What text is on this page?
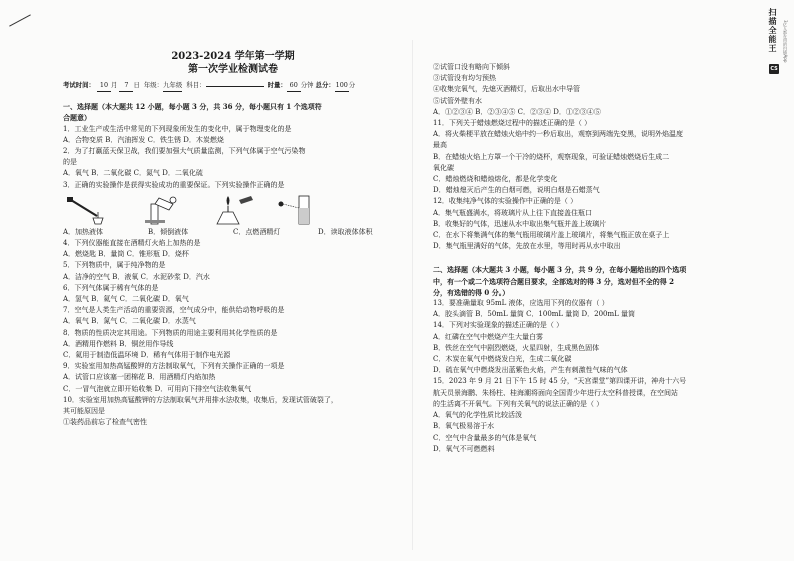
2023-2024 学年第一学期

第一次学业检测试卷

考试时间： 10 月 7 日 年级：九年级 科目：	时量： 60 分钟 总分：100分

一、选择题（本大题共 12 小题，每小题 3 分，共 36 分，每小题只有 1 个选项符

合题意）

1．工业生产或生活中常见的下列现象所发生的变化中，属于物理变化的是

A．合物变质 B．汽油挥发 C．铁生锈 D．木炭燃烧

2．为了打赢蓝天保卫战，我们要加强大气质量监测，下列气体属于空气污染物

的是

A．氧气 B．二氧化碳 C．氮气 D．二氧化硫

3．正确的实验操作是获得实验成功的重要保证。下列实验操作正确的是

A．加热液体	B．倾倒液体	C．点燃酒精灯	D．读取液体体积

4．下列仪器能直接在酒精灯火焰上加热的是

A．燃烧匙 B．量筒 C．锥形瓶 D．烧杯

5．下列物质中，属于纯净物的是

A．洁净的空气 B．液氧 C．水泥砂浆 D．汽水

6．下列气体属于稀有气体的是

A．氢气 B．氦气 C．二氧化碳 D．氧气

7．空气是人类生产活动的重要资源，空气成分中，能供给动物呼吸的是

A．氧气 B．氮气 C．二氧化碳 D．水蒸气

8．物质的性质决定其用途。下列物质的用途主要利用其化学性质的是

A．酒精用作燃料 B．铜丝用作导线

C．氦用于制造低温环境 D．稀有气体用于制作电光源

9．实验室用加热高锰酸钾的方法制取氧气，下列有关操作正确的一项是

A．试管口应该塞一团棉花 B．用酒精灯内焰加热

C．一冒气泡就立即开始收集 D．可用向下排空气法收集氧气

10．实验室用加热高锰酸钾的方法制取氧气并用排水法收集，收集后，发现试管破裂了，

其可能原因是

①装药品前忘了检查气密性

②试管口没有略向下倾斜

③试管没有均匀预热

④收集完氧气，先熄灭酒精灯，后取出水中导管

⑤试管外壁有水

A．①②③④ B．②③④⑤ C．②③④ D．①②③④⑤

11．下列关于蜡烛燃烧过程中的描述正确的是（ ）

A．将火柴梗平放在蜡烛火焰中约一秒后取出，观察到两端先变黑，说明外焰温度

最高

B．在蜡烛火焰上方罩一个干冷的烧杯，观察现象，可验证蜡烛燃烧后生成二

氧化碳

C．蜡烛燃烧和蜡烛熔化，都是化学变化

D．蜡烛熄灭后产生的白烟可燃，说明白烟是石蜡蒸气

12．收集纯净气体的实验操作中正确的是（ ）

A．集气瓶盛满水，将玻璃片从上往下直接盖住瓶口

B．收集好的气体，迅速从水中取出集气瓶并盖上玻璃片

C．在水下将集满气体的集气瓶用玻璃片盖上玻璃片，将集气瓶正放在桌子上

D．集气瓶里满好的气体，先放在水里，等用时再从水中取出

二、选择题（本大题共 3 小题，每小题 3 分，共 9 分，在每小题给出的四个选项

中，有一个或二个选项符合题目要求，全部选对的得 3 分，选对但不全的得 2

分，有选错的得 0 分。）

13．要准确量取 95mL 液体，应选用下列的仪器有（ ）

A．胶头滴管 B．50mL 量筒 C．100mL 量筒 D．200mL 量筒

14．下列对实验现象的描述正确的是（ ）

A．红磷在空气中燃烧产生大量白雾

B．铁丝在空气中剧烈燃烧，火星四射，生成黑色固体

C．木炭在氧气中燃烧发白光，生成二氧化碳

D．硫在氧气中燃烧发出蓝紫色火焰，产生有刺激性气味的气体

15．2023 年 9 月 21 日下午 15 时 45 分，“天宫课堂”第四课开讲，神舟十六号

航天员景海鹏、朱杨柱、桂海潮将面向全国青少年进行太空科普授课，在空间站

的生活离不开氧气。下列有关氧气的说法正确的是（ ）

A．氧气的化学性质比较活泼

B．氧气极易溶于水

C．空气中含量最多的气体是氧气

D．氧气不可燃燃料

扫描全能王 3亿人都在用的扫描App
CS
